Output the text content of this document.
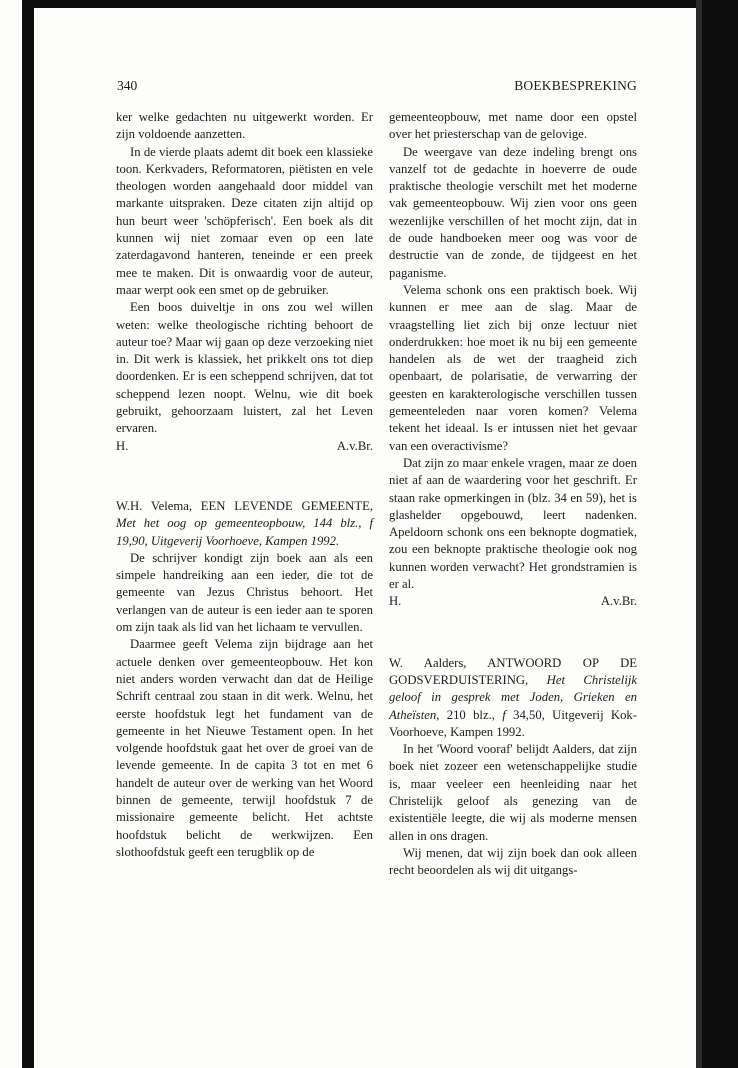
340	BOEKBESPREKING

ker welke gedachten nu uitgewerkt worden. Er zijn voldoende aanzetten.

In de vierde plaats ademt dit boek een klassieke toon. Kerkvaders, Reformatoren, piëtisten en vele theologen worden aangehaald door middel van markante uitspraken. Deze citaten zijn altijd op hun beurt weer 'schöpferisch'. Een boek als dit kunnen wij niet zomaar even op een late zaterdagavond hanteren, teneinde er een preek mee te maken. Dit is onwaardig voor de auteur, maar werpt ook een smet op de gebruiker.

Een boos duiveltje in ons zou wel willen weten: welke theologische richting behoort de auteur toe? Maar wij gaan op deze verzoeking niet in. Dit werk is klassiek, het prikkelt ons tot diep doordenken. Er is een scheppend schrijven, dat tot scheppend lezen noopt. Welnu, wie dit boek gebruikt, gehoorzaam luistert, zal het Leven ervaren.

H.	A.v.Br.

W.H. Velema, EEN LEVENDE GEMEENTE, Met het oog op gemeenteopbouw, 144 blz., f 19,90, Uitgeverij Voorhoeve, Kampen 1992.

De schrijver kondigt zijn boek aan als een simpele handreiking aan een ieder, die tot de gemeente van Jezus Christus behoort. Het verlangen van de auteur is een ieder aan te sporen om zijn taak als lid van het lichaam te vervullen.

Daarmee geeft Velema zijn bijdrage aan het actuele denken over gemeenteopbouw. Het kon niet anders worden verwacht dan dat de Heilige Schrift centraal zou staan in dit werk. Welnu, het eerste hoofdstuk legt het fundament van de gemeente in het Nieuwe Testament open. In het volgende hoofdstuk gaat het over de groei van de levende gemeente. In de capita 3 tot en met 6 handelt de auteur over de werking van het Woord binnen de gemeente, terwijl hoofdstuk 7 de missionaire gemeente belicht. Het achtste hoofdstuk belicht de werkwijzen. Een slothoofdstuk geeft een terugblik op de

gemeenteopbouw, met name door een opstel over het priesterschap van de gelovige.

De weergave van deze indeling brengt ons vanzelf tot de gedachte in hoeverre de oude praktische theologie verschilt met het moderne vak gemeenteopbouw. Wij zien voor ons geen wezenlijke verschillen of het mocht zijn, dat in de oude handboeken meer oog was voor de destructie van de zonde, de tijdgeest en het paganisme.

Velema schonk ons een praktisch boek. Wij kunnen er mee aan de slag. Maar de vraagstelling liet zich bij onze lectuur niet onderdrukken: hoe moet ik nu bij een gemeente handelen als de wet der traagheid zich openbaart, de polarisatie, de verwarring der geesten en karakterologische verschillen tussen gemeenteleden naar voren komen? Velema tekent het ideaal. Is er intussen niet het gevaar van een overactivisme?

Dat zijn zo maar enkele vragen, maar ze doen niet af aan de waardering voor het geschrift. Er staan rake opmerkingen in (blz. 34 en 59), het is glashelder opgebouwd, leert nadenken. Apeldoorn schonk ons een beknopte dogmatiek, zou een beknopte praktische theologie ook nog kunnen worden verwacht? Het grondstramien is er al.

H.	A.v.Br.

W. Aalders, ANTWOORD OP DE GODSVERDUISTERING, Het Christelijk geloof in gesprek met Joden, Grieken en Atheïsten, 210 blz., f 34,50, Uitgeverij Kok-Voorhoeve, Kampen 1992.

In het 'Woord vooraf' belijdt Aalders, dat zijn boek niet zozeer een wetenschappelijke studie is, maar veeleer een heenleiding naar het Christelijk geloof als genezing van de existentiële leegte, die wij als moderne mensen allen in ons dragen.

Wij menen, dat wij zijn boek dan ook alleen recht beoordelen als wij dit uitgangs-
